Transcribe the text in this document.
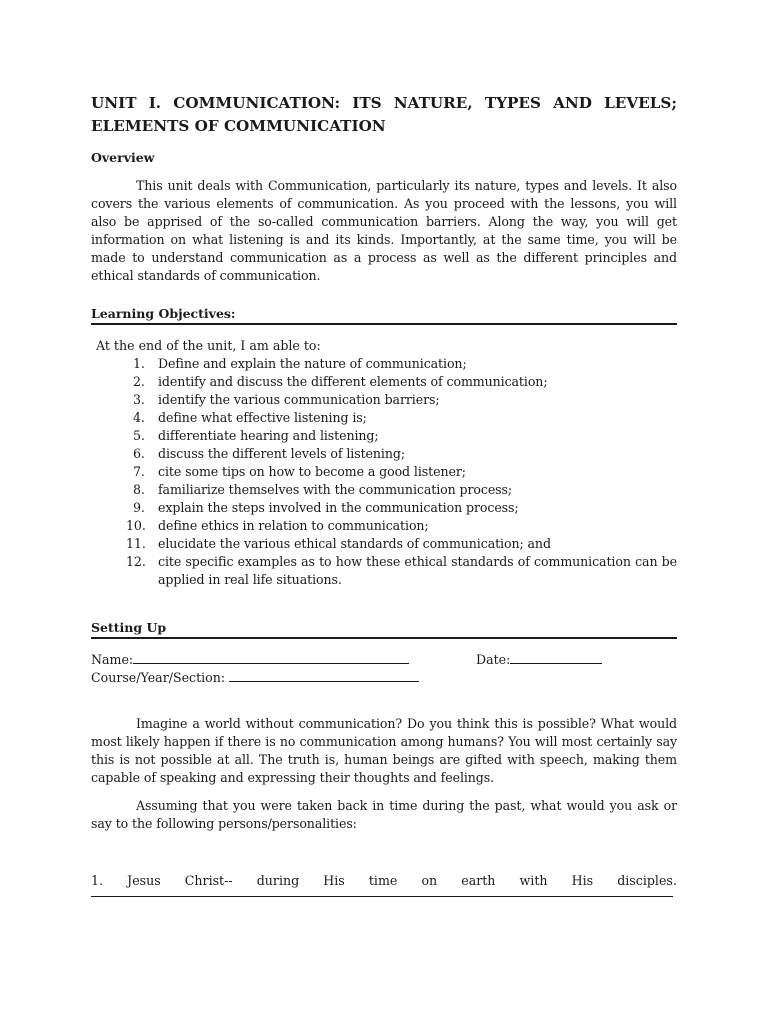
UNIT I. COMMUNICATION: ITS NATURE, TYPES AND LEVELS; ELEMENTS OF COMMUNICATION

Overview

This unit deals with Communication, particularly its nature, types and levels. It also covers the various elements of communication. As you proceed with the lessons, you will also be apprised of the so-called communication barriers. Along the way, you will get information on what listening is and its kinds. Importantly, at the same time, you will be made to understand communication as a process as well as the different principles and ethical standards of communication.

Learning Objectives:

At the end of the unit, I am able to:

1.	Define and explain the nature of communication;
2.	identify and discuss the different elements of communication;
3.	identify the various communication barriers;
4.	define what effective listening is;
5.	differentiate hearing and listening;
6.	discuss the different levels of listening;
7.	cite some tips on how to become a good listener;
8.	familiarize themselves with the communication process;
9.	explain the steps involved in the communication process;
10. define ethics in relation to communication;
11. elucidate the various ethical standards of communication; and
12. cite specific examples as to how these ethical standards of communication can be applied in real life situations.

Setting Up

Name:	Date:
Course/Year/Section:

Imagine a world without communication? Do you think this is possible? What would most likely happen if there is no communication among humans? You will most certainly say this is not possible at all. The truth is, human beings are gifted with speech, making them capable of speaking and expressing their thoughts and feelings.

Assuming that you were taken back in time during the past, what would you ask or say to the following persons/personalities:

1. Jesus Christ-- during His time on earth with His disciples.
